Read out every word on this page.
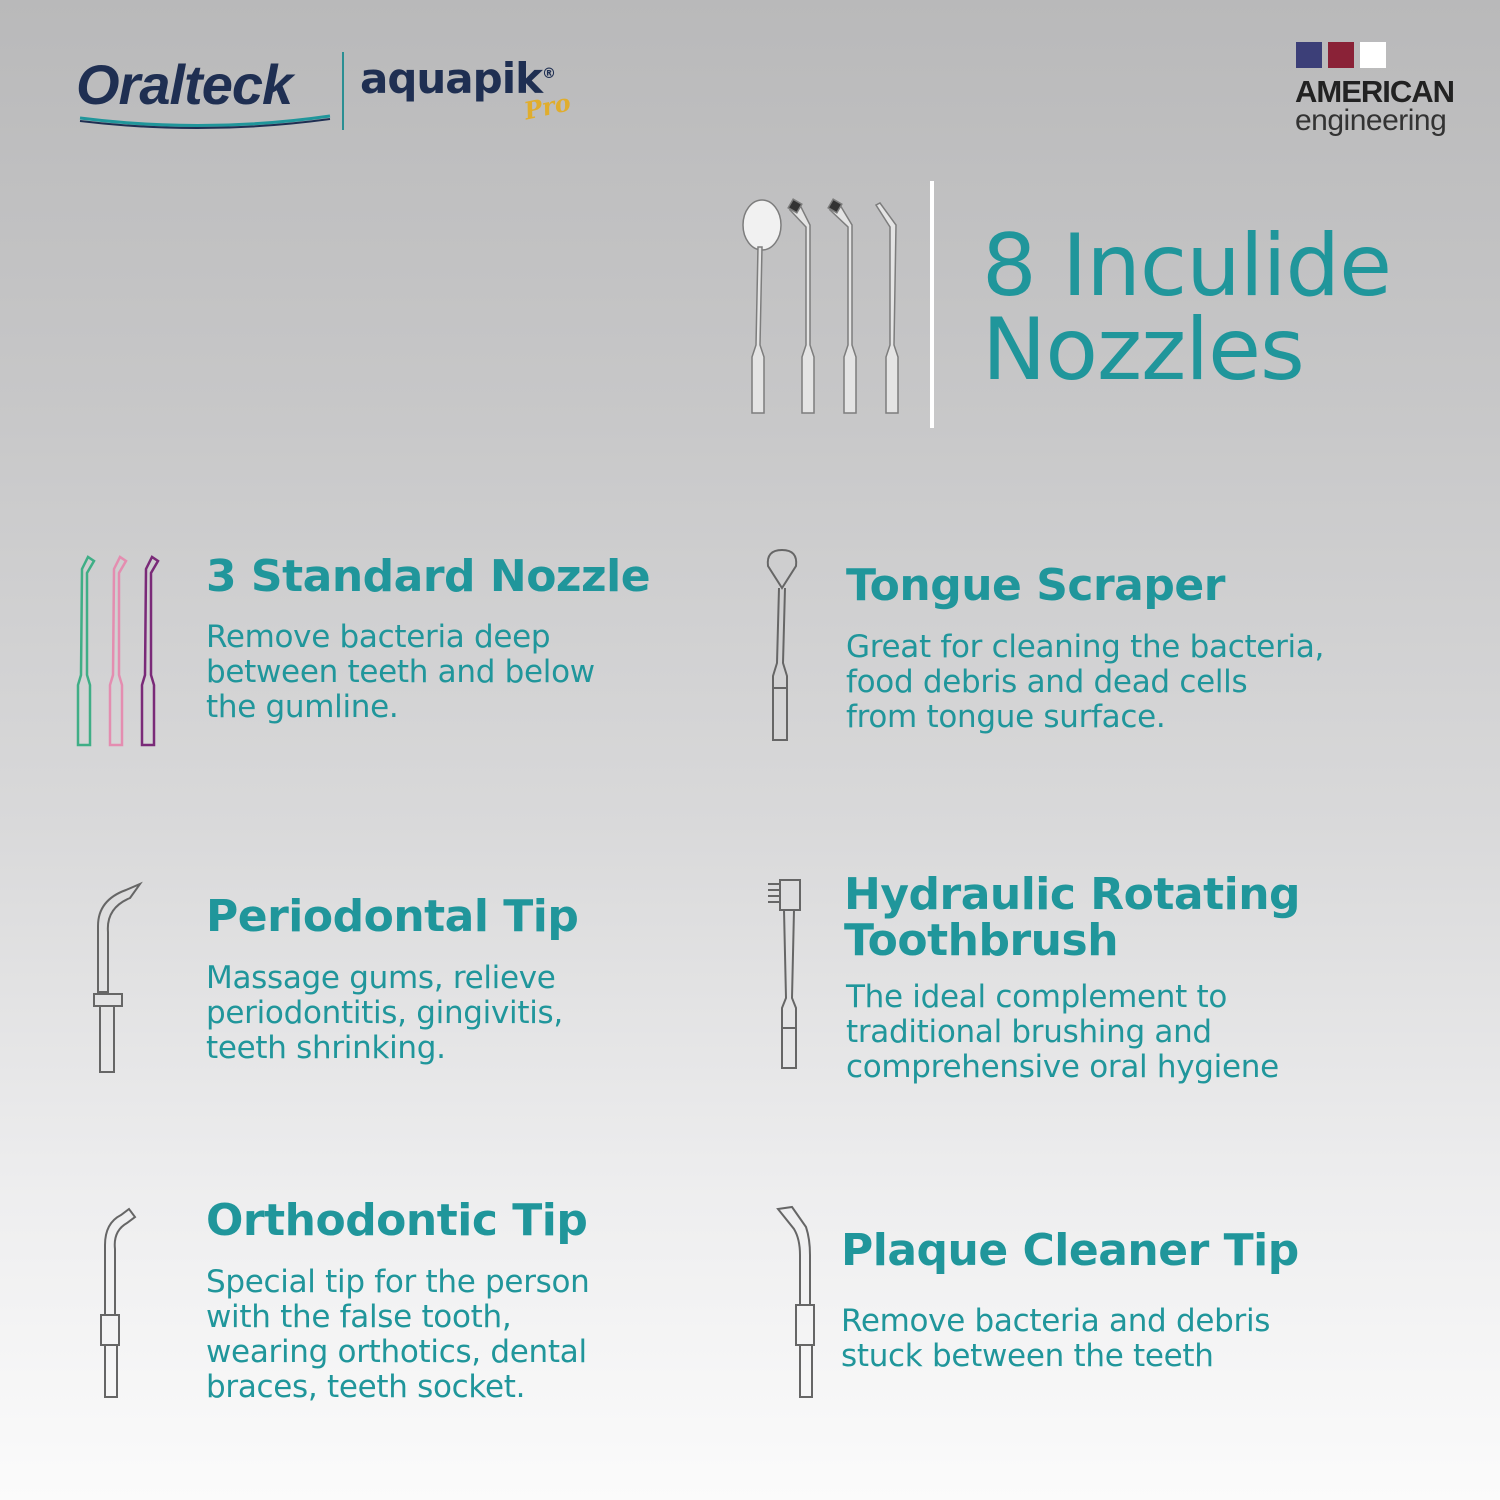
Oralteck aquapik®
Pro	AMERICAN
engineering
8 Inculide
Nozzles
3 Standard Nozzle
Remove bacteria deep
between teeth and below
the gumline.
Tongue Scraper
Great for cleaning the bacteria,
food debris and dead cells
from tongue surface.
Periodontal Tip
Massage gums, relieve
periodontitis, gingivitis,
teeth shrinking.
Hydraulic Rotating
Toothbrush
The ideal complement to
traditional brushing and
comprehensive oral hygiene
Orthodontic Tip
Special tip for the person
with the false tooth,
wearing orthotics, dental
braces, teeth socket.
Plaque Cleaner Tip
Remove bacteria and debris
stuck between the teeth
